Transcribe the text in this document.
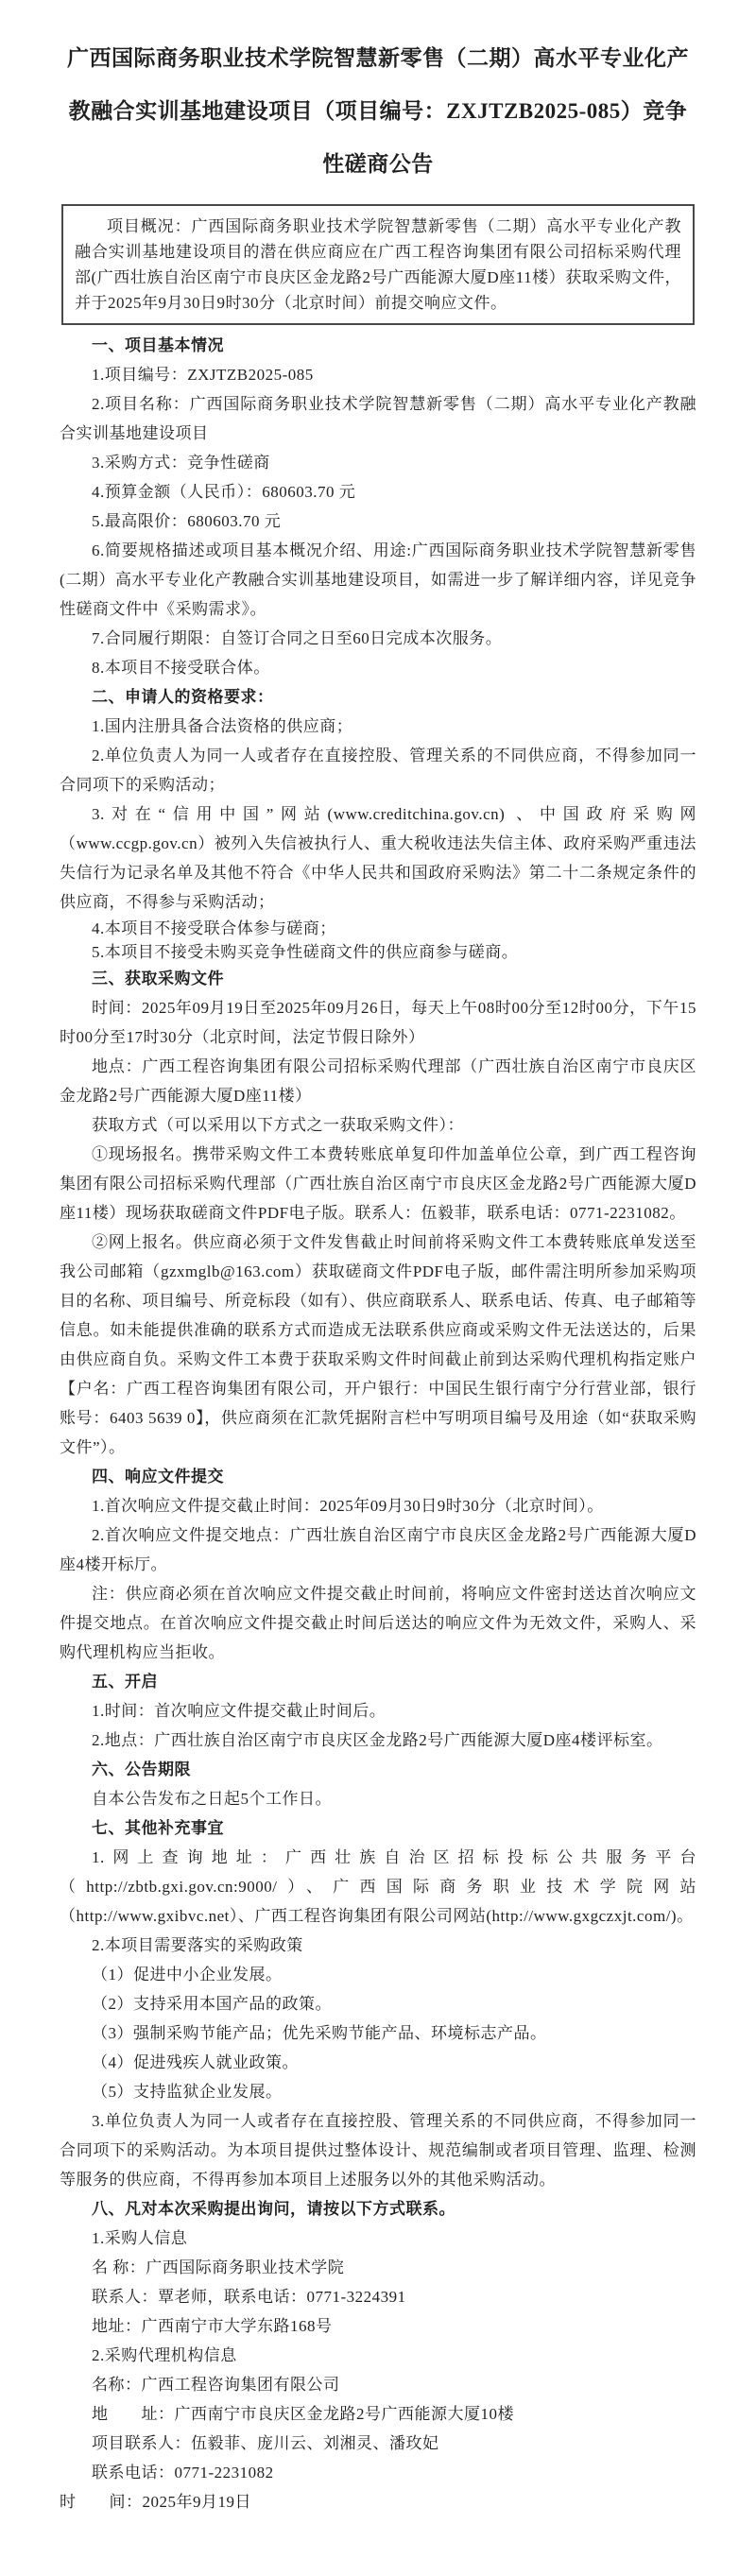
广西国际商务职业技术学院智慧新零售（二期）高水平专业化产教融合实训基地建设项目（项目编号：ZXJTZB2025-085）竞争性磋商公告

项目概况：广西国际商务职业技术学院智慧新零售（二期）高水平专业化产教融合实训基地建设项目的潜在供应商应在广西工程咨询集团有限公司招标采购代理部(广西壮族自治区南宁市良庆区金龙路2号广西能源大厦D座11楼）获取采购文件，并于2025年9月30日9时30分（北京时间）前提交响应文件。

一、项目基本情况

1.项目编号：ZXJTZB2025-085

2.项目名称：广西国际商务职业技术学院智慧新零售（二期）高水平专业化产教融合实训基地建设项目

3.采购方式：竞争性磋商

4.预算金额（人民币）：680603.70 元

5.最高限价：680603.70 元

6.简要规格描述或项目基本概况介绍、用途:广西国际商务职业技术学院智慧新零售(二期）高水平专业化产教融合实训基地建设项目，如需进一步了解详细内容，详见竞争性磋商文件中《采购需求》。

7.合同履行期限：自签订合同之日至60日完成本次服务。

8.本项目不接受联合体。

二、申请人的资格要求：

1.国内注册具备合法资格的供应商；

2.单位负责人为同一人或者存在直接控股、管理关系的不同供应商，不得参加同一合同项下的采购活动；

3.对在“信用中国”网站(www.creditchina.gov.cn) 、中国政府采购网（www.ccgp.gov.cn）被列入失信被执行人、重大税收违法失信主体、政府采购严重违法失信行为记录名单及其他不符合《中华人民共和国政府采购法》第二十二条规定条件的供应商，不得参与采购活动；

4.本项目不接受联合体参与磋商；

5.本项目不接受未购买竞争性磋商文件的供应商参与磋商。

三、获取采购文件

时间：2025年09月19日至2025年09月26日，每天上午08时00分至12时00分，下午15时00分至17时30分（北京时间，法定节假日除外）

地点：广西工程咨询集团有限公司招标采购代理部（广西壮族自治区南宁市良庆区金龙路2号广西能源大厦D座11楼）

获取方式（可以采用以下方式之一获取采购文件）：

①现场报名。携带采购文件工本费转账底单复印件加盖单位公章，到广西工程咨询集团有限公司招标采购代理部（广西壮族自治区南宁市良庆区金龙路2号广西能源大厦D座11楼）现场获取磋商文件PDF电子版。联系人：伍毅菲，联系电话：0771-2231082。

②网上报名。供应商必须于文件发售截止时间前将采购文件工本费转账底单发送至我公司邮箱（gzxmglb@163.com）获取磋商文件PDF电子版，邮件需注明所参加采购项目的名称、项目编号、所竞标段（如有）、供应商联系人、联系电话、传真、电子邮箱等信息。如未能提供准确的联系方式而造成无法联系供应商或采购文件无法送达的，后果由供应商自负。采购文件工本费于获取采购文件时间截止前到达采购代理机构指定账户【户名：广西工程咨询集团有限公司，开户银行：中国民生银行南宁分行营业部，银行账号：6403 5639 0】，供应商须在汇款凭据附言栏中写明项目编号及用途（如“获取采购文件”）。

四、响应文件提交

1.首次响应文件提交截止时间：2025年09月30日9时30分（北京时间）。

2.首次响应文件提交地点：广西壮族自治区南宁市良庆区金龙路2号广西能源大厦D座4楼开标厅。

注：供应商必须在首次响应文件提交截止时间前，将响应文件密封送达首次响应文件提交地点。在首次响应文件提交截止时间后送达的响应文件为无效文件，采购人、采购代理机构应当拒收。

五、开启

1.时间：首次响应文件提交截止时间后。

2.地点：广西壮族自治区南宁市良庆区金龙路2号广西能源大厦D座4楼评标室。

六、公告期限

自本公告发布之日起5个工作日。

七、其他补充事宜

1.网上查询地址：广西壮族自治区招标投标公共服务平台（http://zbtb.gxi.gov.cn:9000/）、广西国际商务职业技术学院网站（http://www.gxibvc.net）、广西工程咨询集团有限公司网站(http://www.gxgczxjt.com/)。

2.本项目需要落实的采购政策

（1）促进中小企业发展。

（2）支持采用本国产品的政策。

（3）强制采购节能产品；优先采购节能产品、环境标志产品。

（4）促进残疾人就业政策。

（5）支持监狱企业发展。

3.单位负责人为同一人或者存在直接控股、管理关系的不同供应商，不得参加同一合同项下的采购活动。为本项目提供过整体设计、规范编制或者项目管理、监理、检测等服务的供应商，不得再参加本项目上述服务以外的其他采购活动。

八、凡对本次采购提出询问，请按以下方式联系。

1.采购人信息

名 称：广西国际商务职业技术学院

联系人：覃老师，联系电话：0771-3224391

地址：广西南宁市大学东路168号

2.采购代理机构信息

名称：广西工程咨询集团有限公司

地　　址：广西南宁市良庆区金龙路2号广西能源大厦10楼

项目联系人：伍毅菲、庞川云、刘湘灵、潘玫妃

联系电话：0771-2231082

时　　间：2025年9月19日
